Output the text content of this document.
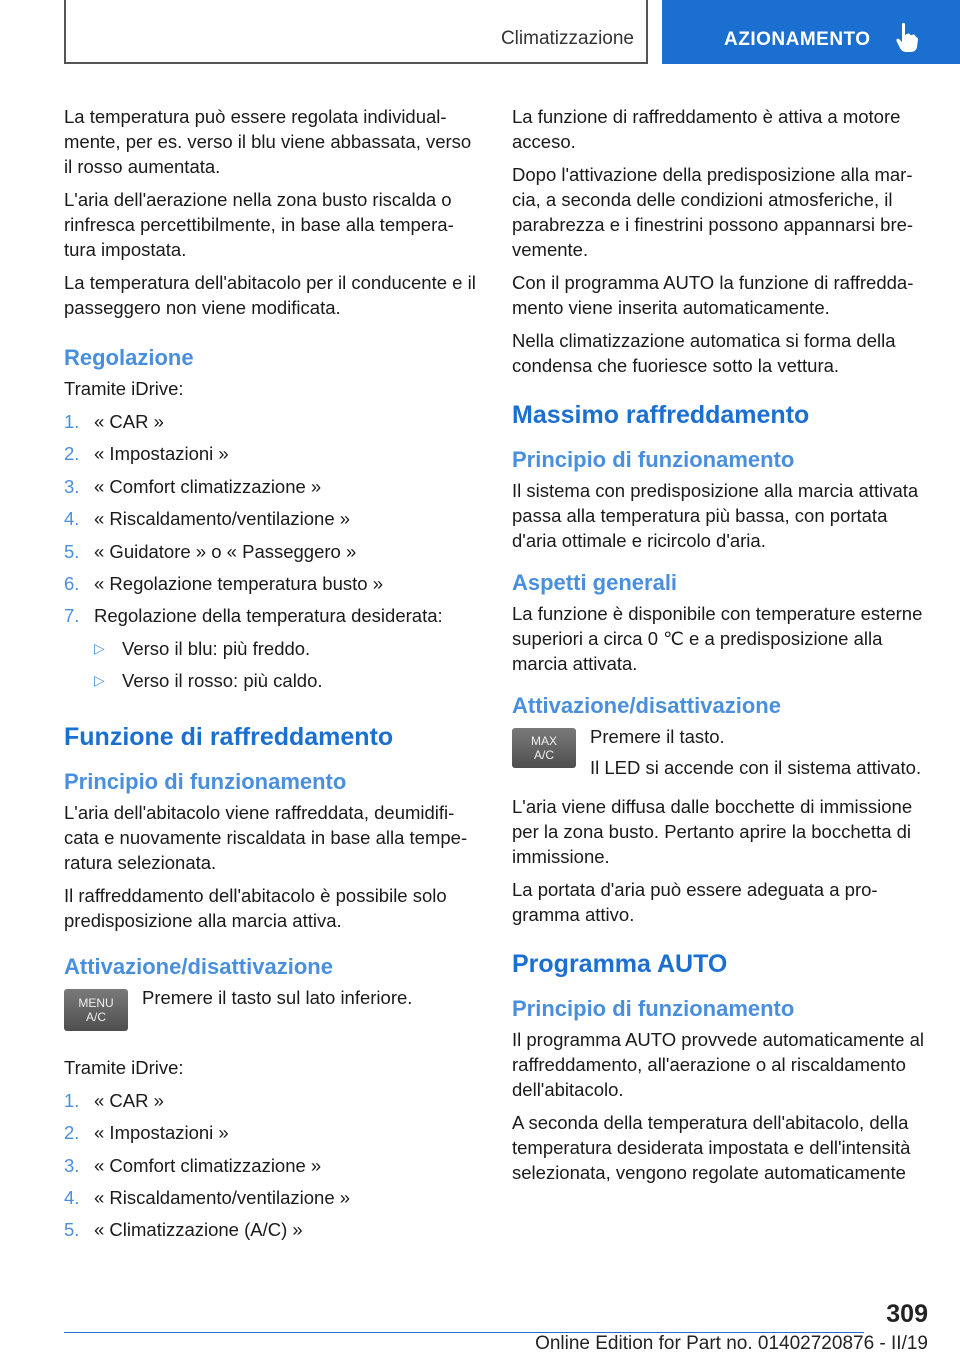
Climatizzazione	AZIONAMENTO

La temperatura può essere regolata individualmente, per es. verso il blu viene abbassata, verso il rosso aumentata.

L'aria dell'aerazione nella zona busto riscalda o rinfresca percettibilmente, in base alla temperatura impostata.

La temperatura dell'abitacolo per il conducente e il passeggero non viene modificata.

Regolazione

Tramite iDrive:

1. « CAR »
2. « Impostazioni »
3. « Comfort climatizzazione »
4. « Riscaldamento/ventilazione »
5. « Guidatore » o « Passeggero »
6. « Regolazione temperatura busto »
7. Regolazione della temperatura desiderata:
▷ Verso il blu: più freddo.
▷ Verso il rosso: più caldo.
Funzione di raffreddamento
Principio di funzionamento

L'aria dell'abitacolo viene raffreddata, deumidificata e nuovamente riscaldata in base alla temperatura selezionata.

Il raffreddamento dell'abitacolo è possibile solo predisposizione alla marcia attiva.

Attivazione/disattivazione
MENU
A/C

Premere il tasto sul lato inferiore.

Tramite iDrive:

1. « CAR »
2. « Impostazioni »
3. « Comfort climatizzazione »
4. « Riscaldamento/ventilazione »
5. « Climatizzazione (A/C) »

La funzione di raffreddamento è attiva a motore acceso.

Dopo l'attivazione della predisposizione alla marcia, a seconda delle condizioni atmosferiche, il parabrezza e i finestrini possono appannarsi brevemente.

Con il programma AUTO la funzione di raffreddamento viene inserita automaticamente.

Nella climatizzazione automatica si forma della condensa che fuoriesce sotto la vettura.

Massimo raffreddamento
Principio di funzionamento

Il sistema con predisposizione alla marcia attivata passa alla temperatura più bassa, con portata d'aria ottimale e ricircolo d'aria.

Aspetti generali

La funzione è disponibile con temperature esterne superiori a circa 0 ℃ e a predisposizione alla marcia attivata.

Attivazione/disattivazione
MAX
A/C

Premere il tasto.

Il LED si accende con il sistema attivato.

L'aria viene diffusa dalle bocchette di immissione per la zona busto. Pertanto aprire la bocchetta di immissione.

La portata d'aria può essere adeguata a programma attivo.

Programma AUTO
Principio di funzionamento

Il programma AUTO provvede automaticamente al raffreddamento, all'aerazione o al riscaldamento dell'abitacolo.

A seconda della temperatura dell'abitacolo, della temperatura desiderata impostata e dell'intensità selezionata, vengono regolate automaticamente

309
Online Edition for Part no. 01402720876 - II/19
